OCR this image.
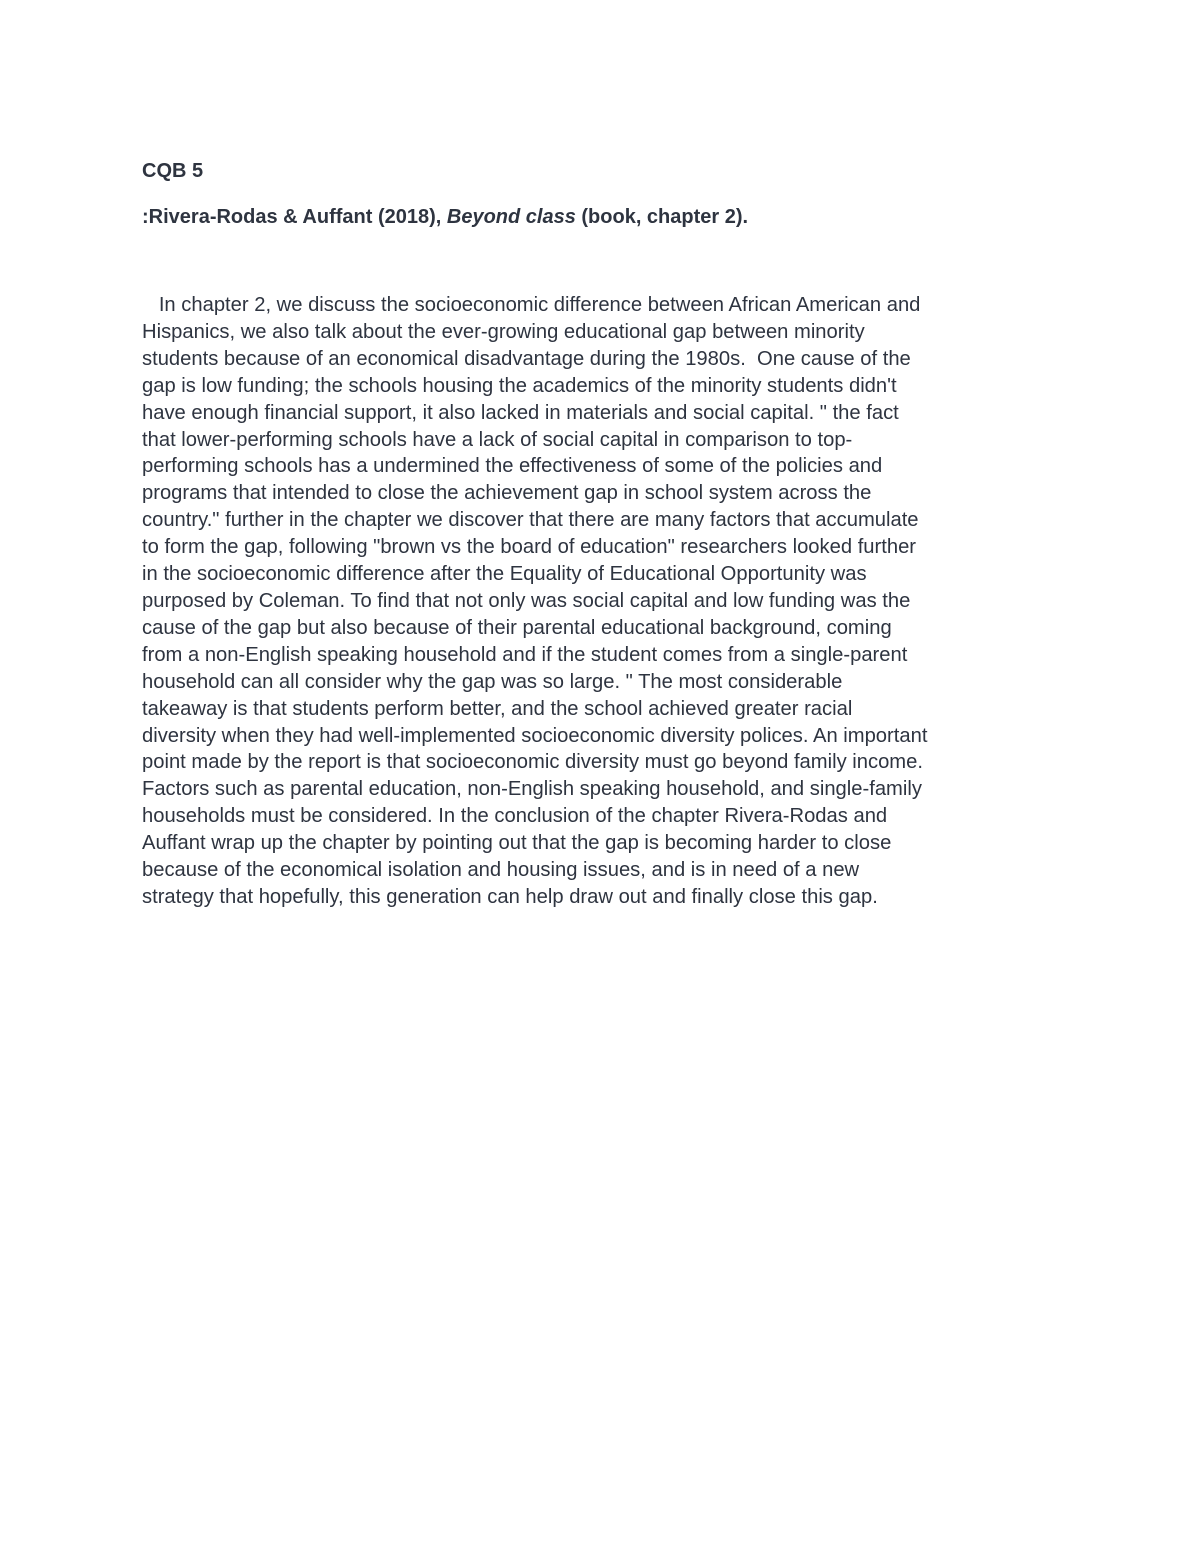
CQB 5

:Rivera-Rodas & Auffant (2018), Beyond class (book, chapter 2).

In chapter 2, we discuss the socioeconomic difference between African American and
Hispanics, we also talk about the ever-growing educational gap between minority
students because of an economical disadvantage during the 1980s.  One cause of the
gap is low funding; the schools housing the academics of the minority students didn't
have enough financial support, it also lacked in materials and social capital. " the fact
that lower-performing schools have a lack of social capital in comparison to top-
performing schools has a undermined the effectiveness of some of the policies and
programs that intended to close the achievement gap in school system across the
country." further in the chapter we discover that there are many factors that accumulate
to form the gap, following "brown vs the board of education" researchers looked further
in the socioeconomic difference after the Equality of Educational Opportunity was
purposed by Coleman. To find that not only was social capital and low funding was the
cause of the gap but also because of their parental educational background, coming
from a non-English speaking household and if the student comes from a single-parent
household can all consider why the gap was so large. " The most considerable
takeaway is that students perform better, and the school achieved greater racial
diversity when they had well-implemented socioeconomic diversity polices. An important
point made by the report is that socioeconomic diversity must go beyond family income.
Factors such as parental education, non-English speaking household, and single-family
households must be considered. In the conclusion of the chapter Rivera-Rodas and
Auffant wrap up the chapter by pointing out that the gap is becoming harder to close
because of the economical isolation and housing issues, and is in need of a new
strategy that hopefully, this generation can help draw out and finally close this gap.
